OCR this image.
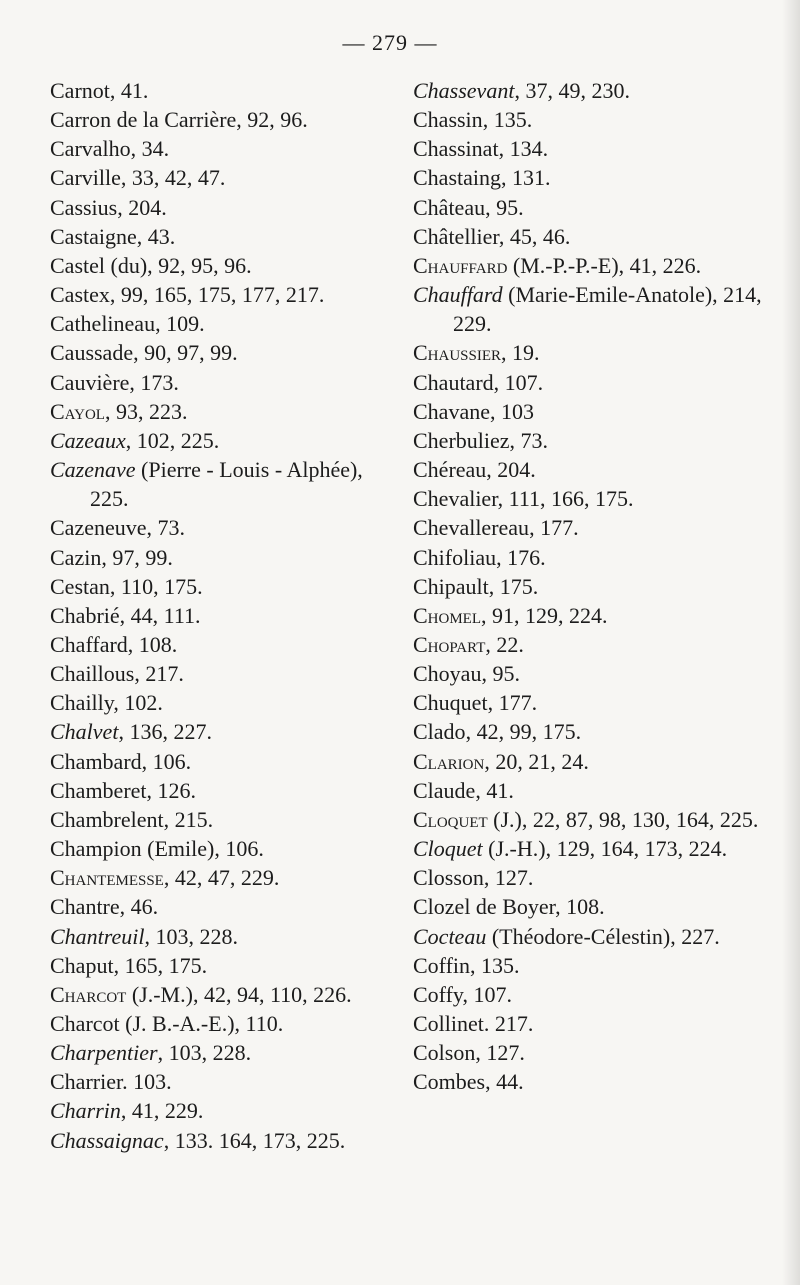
— 279 —
Carnot, 41.
Carron de la Carrière, 92, 96.
Carvalho, 34.
Carville, 33, 42, 47.
Cassius, 204.
Castaigne, 43.
Castel (du), 92, 95, 96.
Castex, 99, 165, 175, 177, 217.
Cathelineau, 109.
Caussade, 90, 97, 99.
Cauvière, 173.
Cayol, 93, 223.
Cazeaux, 102, 225.
Cazenave (Pierre - Louis - Alphée), 225.
Cazeneuve, 73.
Cazin, 97, 99.
Cestan, 110, 175.
Chabrié, 44, 111.
Chaffard, 108.
Chaillous, 217.
Chailly, 102.
Chalvet, 136, 227.
Chambard, 106.
Chamberet, 126.
Chambrelent, 215.
Champion (Emile), 106.
Chantemesse, 42, 47, 229.
Chantre, 46.
Chantreuil, 103, 228.
Chaput, 165, 175.
Charcot (J.-M.), 42, 94, 110, 226.
Charcot (J. B.-A.-E.), 110.
Charpentier, 103, 228.
Charrier. 103.
Charrin, 41, 229.
Chassaignac, 133. 164, 173, 225.
Chassevant, 37, 49, 230.
Chassin, 135.
Chassinat, 134.
Chastaing, 131.
Château, 95.
Châtellier, 45, 46.
Chauffard (M.-P.-P.-E), 41, 226.
Chauffard (Marie-Emile-Anatole), 214, 229.
Chaussier, 19.
Chautard, 107.
Chavane, 103
Cherbuliez, 73.
Chéreau, 204.
Chevalier, 111, 166, 175.
Chevallereau, 177.
Chifoliau, 176.
Chipault, 175.
Chomel, 91, 129, 224.
Chopart, 22.
Choyau, 95.
Chuquet, 177.
Clado, 42, 99, 175.
Clarion, 20, 21, 24.
Claude, 41.
Cloquet (J.), 22, 87, 98, 130, 164, 225.
Cloquet (J.-H.), 129, 164, 173, 224.
Closson, 127.
Clozel de Boyer, 108.
Cocteau (Théodore-Célestin), 227.
Coffin, 135.
Coffy, 107.
Collinet. 217.
Colson, 127.
Combes, 44.
